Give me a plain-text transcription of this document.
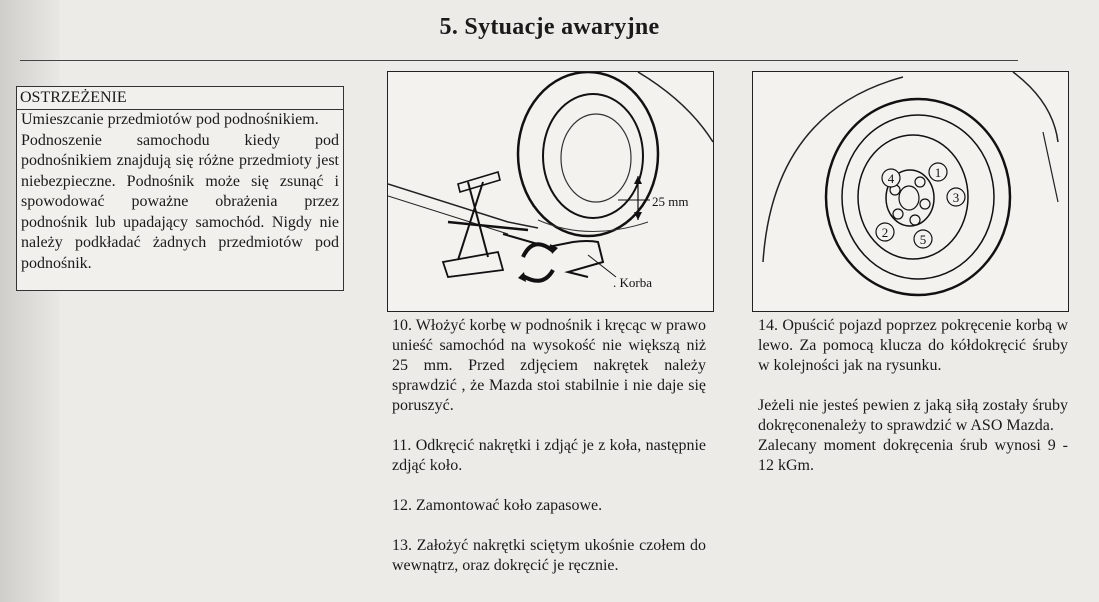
5. Sytuacje awaryjne
OSTRZEŻENIE

Umieszcanie przedmiotów pod podnośnikiem.

Podnoszenie samochodu kiedy pod podnośnikiem znajdują się różne przedmioty jest niebezpieczne. Podnośnik może się zsunąć i spowodować poważne obrażenia przez podnośnik lub upadający samochód. Nigdy nie należy podkładać żadnych przedmiotów pod podnośnik.

25 mm
. Korba
1
2
3
4
5

10. Włożyć korbę w podnośnik i kręcąc w prawo unieść samochód na wysokość nie większą niż 25 mm. Przed zdjęciem nakrętek należy sprawdzić , że Mazda stoi stabilnie i nie daje się poruszyć.

11. Odkręcić nakrętki i zdjąć je z koła, następnie zdjąć koło.

12. Zamontować koło zapasowe.

13. Założyć nakrętki sciętym ukośnie czołem do wewnątrz, oraz dokręcić je ręcznie.

14. Opuścić pojazd poprzez pokręcenie korbą w lewo. Za pomocą klucza do kółdokręcić śruby w kolejności jak na rysunku.

Jeżeli nie jesteś pewien z jaką siłą zostały śruby dokręconenależy to sprawdzić w ASO Mazda.

Zalecany moment dokręcenia śrub wynosi 9 - 12 kGm.
